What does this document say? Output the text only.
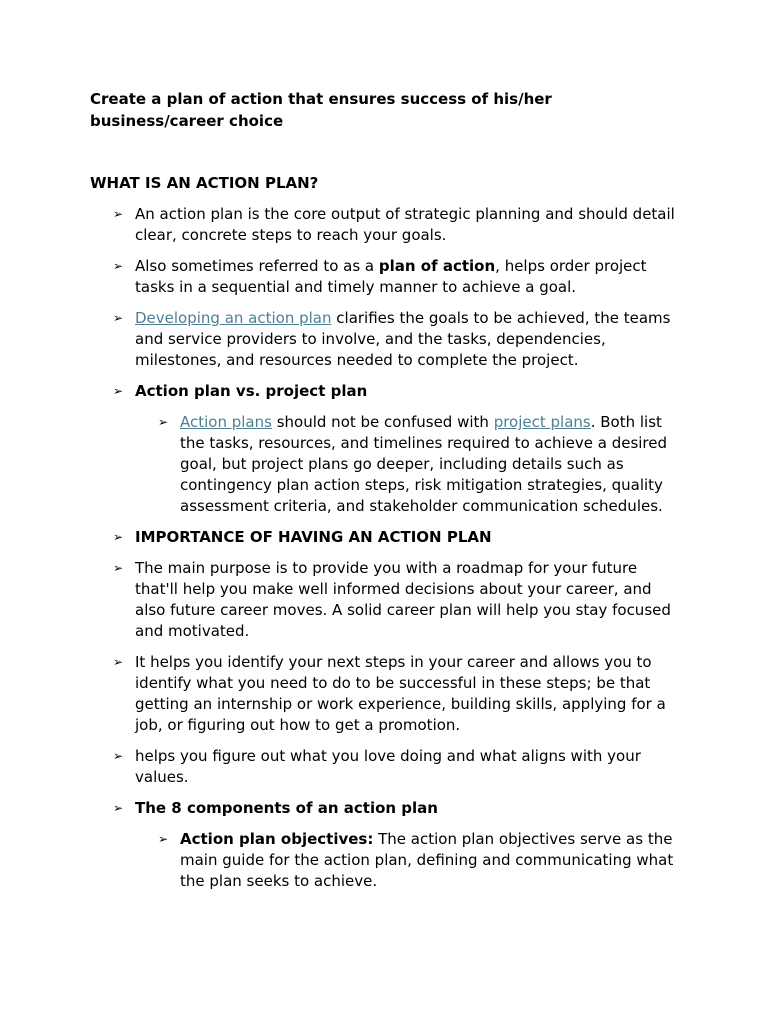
Create a plan of action that ensures success of his/her business/career choice

WHAT IS AN ACTION PLAN?

➢ An action plan is the core output of strategic planning and should detail clear, concrete steps to reach your goals.
➢ Also sometimes referred to as a plan of action, helps order project tasks in a sequential and timely manner to achieve a goal.
➢ Developing an action plan clarifies the goals to be achieved, the teams and service providers to involve, and the tasks, dependencies, milestones, and resources needed to complete the project.
➢ Action plan vs. project plan
➢ Action plans should not be confused with project plans. Both list the tasks, resources, and timelines required to achieve a desired goal, but project plans go deeper, including details such as contingency plan action steps, risk mitigation strategies, quality assessment criteria, and stakeholder communication schedules.
➢ IMPORTANCE OF HAVING AN ACTION PLAN
➢ The main purpose is to provide you with a roadmap for your future that'll help you make well informed decisions about your career, and also future career moves. A solid career plan will help you stay focused and motivated.
➢ It helps you identify your next steps in your career and allows you to identify what you need to do to be successful in these steps; be that getting an internship or work experience, building skills, applying for a job, or figuring out how to get a promotion.
➢ helps you figure out what you love doing and what aligns with your values.
➢ The 8 components of an action plan
➢ Action plan objectives: The action plan objectives serve as the main guide for the action plan, defining and communicating what the plan seeks to achieve.
